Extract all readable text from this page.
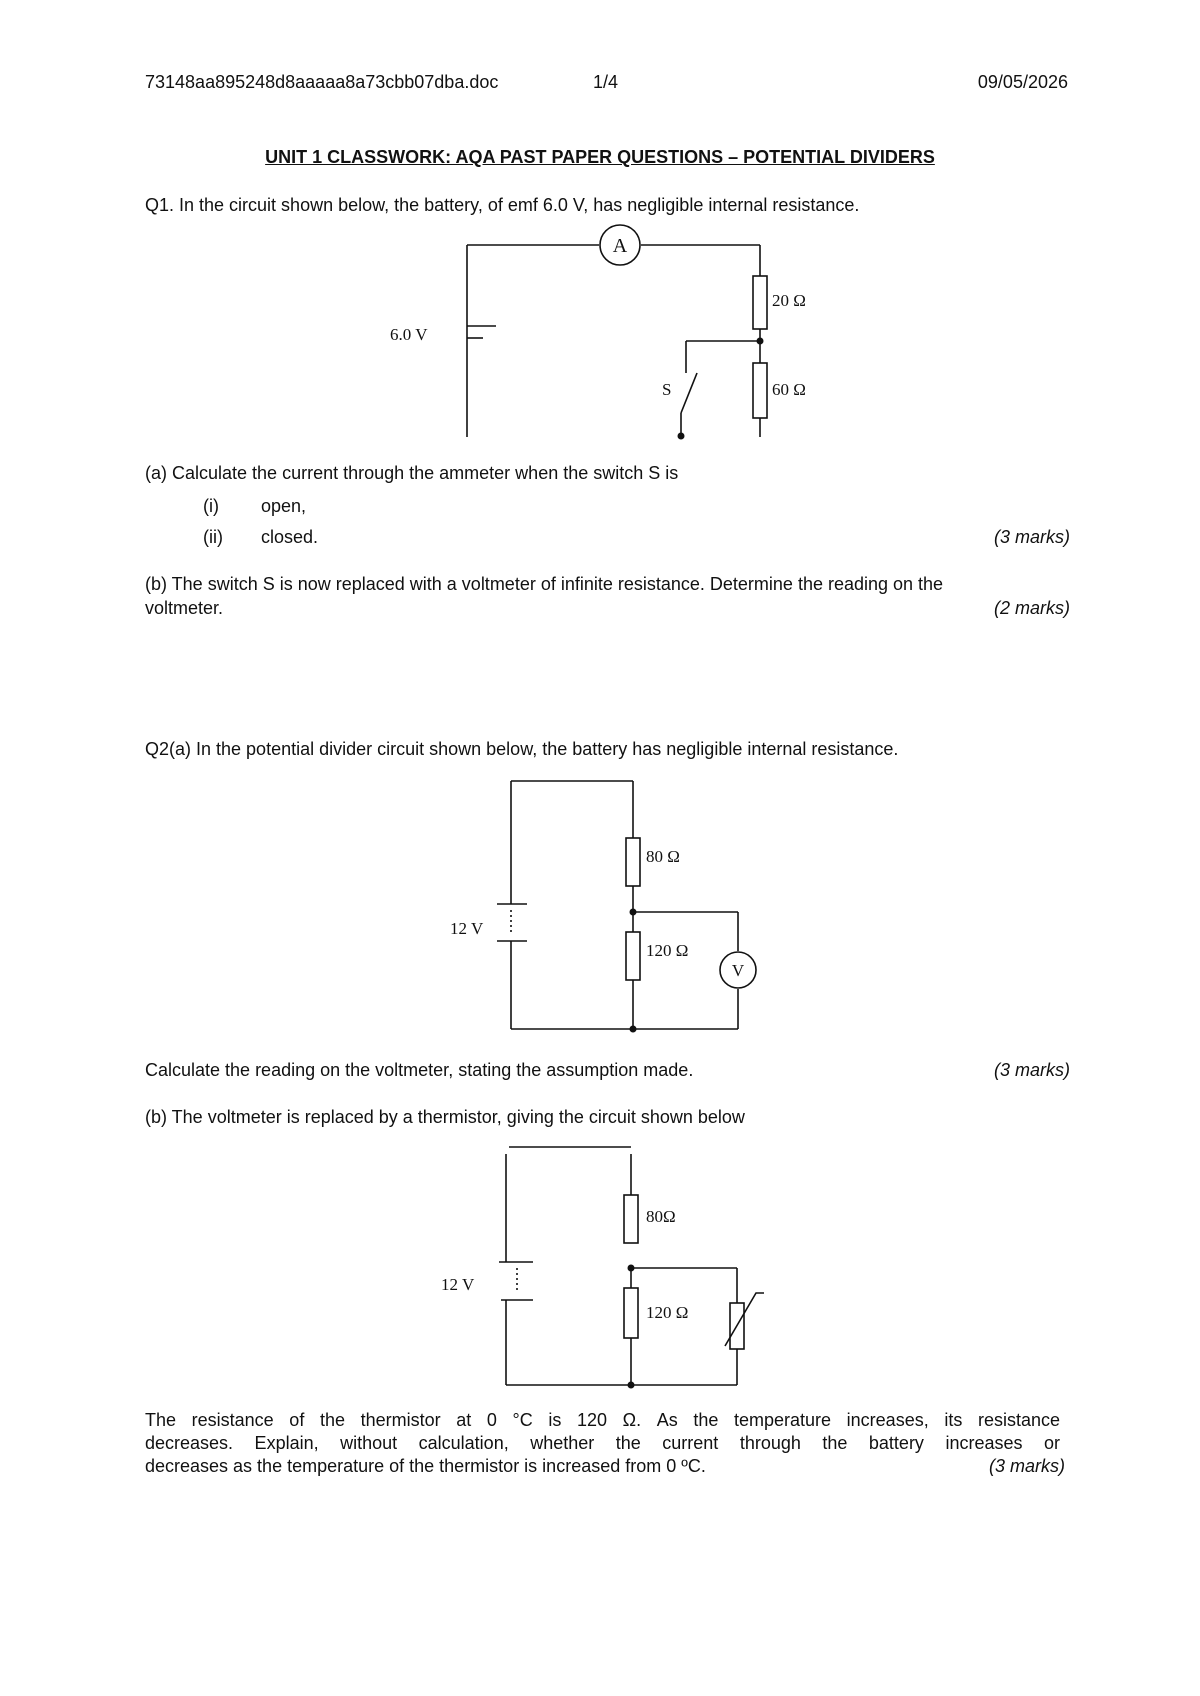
73148aa895248d8aaaaa8a73cbb07dba.doc	1/4	09/05/2026
UNIT 1 CLASSWORK: AQA PAST PAPER QUESTIONS – POTENTIAL DIVIDERS
Q1. In the circuit shown below, the battery, of emf 6.0 V, has negligible internal resistance.
A
6.0 V
20 Ω
S	60 Ω
(a) Calculate the current through the ammeter when the switch S is
(i) open,
(ii) closed.	(3 marks)
(b) The switch S is now replaced with a voltmeter of infinite resistance. Determine the reading on the
voltmeter.	(2 marks)
Q2(a) In the potential divider circuit shown below, the battery has negligible internal resistance.
12 V
80 Ω
120 Ω
V
Calculate the reading on the voltmeter, stating the assumption made.	(3 marks)
(b) The voltmeter is replaced by a thermistor, giving the circuit shown below
12 V
80Ω
120 Ω
The resistance of the thermistor at 0 °C is 120 Ω. As the temperature increases, its resistance
decreases. Explain, without calculation, whether the current through the battery increases or
decreases as the temperature of the thermistor is increased from 0 ºC.	(3 marks)
